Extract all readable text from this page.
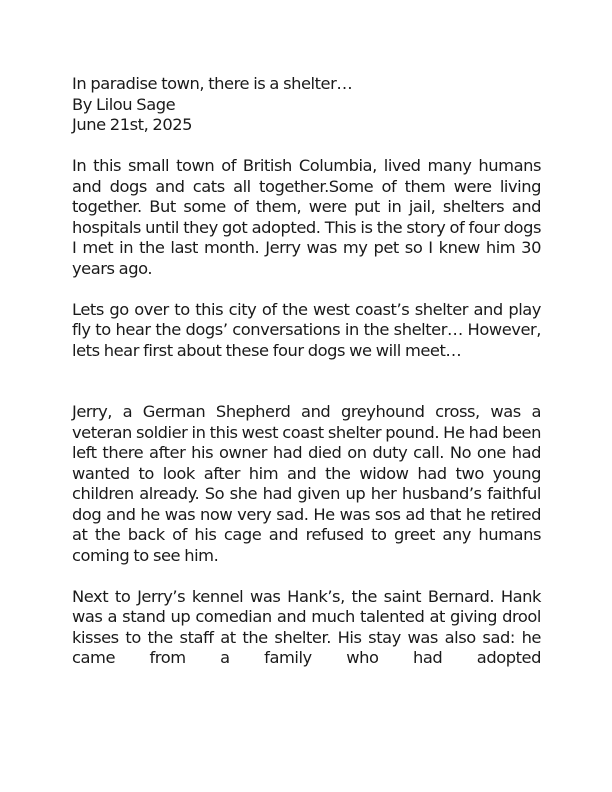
In paradise town, there is a shelter…
By Lilou Sage
June 21st, 2025

In this small town of British Columbia, lived many humans and dogs and cats all together.Some of them were living together. But some of them, were put in jail, shelters and hospitals until they got adopted. This is the story of four dogs I met in the last month. Jerry was my pet so I knew him 30 years ago.

Lets go over to this city of the west coast’s shelter and play fly to hear the dogs’ conversations in the shelter… However, lets hear first about these four dogs we will meet…

Jerry, a German Shepherd and greyhound cross, was a veteran soldier in this west coast shelter pound. He had been left there after his owner had died on duty call. No one had wanted to look after him and the widow had two young children already. So she had given up her husband’s faithful dog and he was now very sad. He was sos ad that he retired at the back of his cage and refused to greet any humans coming to see him.

Next to Jerry’s kennel was Hank’s, the saint Bernard. Hank was a stand up comedian and much talented at giving drool kisses to the staff at the shelter. His stay was also sad: he came from a family who had adopted
